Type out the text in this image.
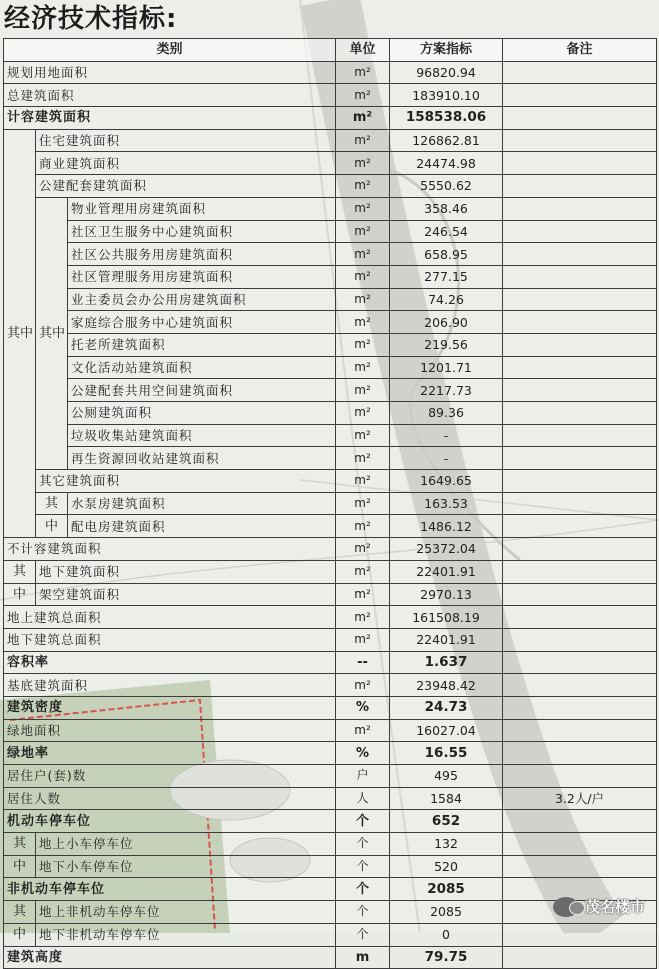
经济技术指标:
类别			单位	方案指标	备注
规划用地面积			m²	96820.94	
总建筑面积			m²	183910.10	
计容建筑面积			m²	158538.06	
其中	住宅建筑面积		m²	126862.81	
	商业建筑面积		m²	24474.98	
	公建配套建筑面积		m²	5550.62	
	其中	物业管理用房建筑面积	m²	358.46	
		社区卫生服务中心建筑面积	m²	246.54	
		社区公共服务用房建筑面积	m²	658.95	
		社区管理服务用房建筑面积	m²	277.15	
		业主委员会办公用房建筑面积	m²	74.26	
		家庭综合服务中心建筑面积	m²	206.90	
		托老所建筑面积	m²	219.56	
		文化活动站建筑面积	m²	1201.71	
		公建配套共用空间建筑面积	m²	2217.73	
		公厕建筑面积	m²	89.36	
		垃圾收集站建筑面积	m²	-	
		再生资源回收站建筑面积	m²	-	
	其它建筑面积		m²	1649.65	
	其	水泵房建筑面积	m²	163.53	
	中	配电房建筑面积	m²	1486.12	
不计容建筑面积			m²	25372.04	
其	地下建筑面积		m²	22401.91	
中	架空建筑面积		m²	2970.13	
地上建筑总面积			m²	161508.19	
地下建筑总面积			m²	22401.91	
容积率			--	1.637	
基底建筑面积			m²	23948.42	
建筑密度			%	24.73	
绿地面积			m²	16027.04	
绿地率			%	16.55	
居住户(套)数			户	495	
居住人数			人	1584	3.2人/户
机动车停车位			个	652	
其	地上小车停车位		个	132	
中	地下小车停车位		个	520	
非机动车停车位			个	2085	
其	地上非机动车停车位		个	2085	
中	地下非机动车停车位		个	0	
建筑高度			m	79.75	
茂名楼市
